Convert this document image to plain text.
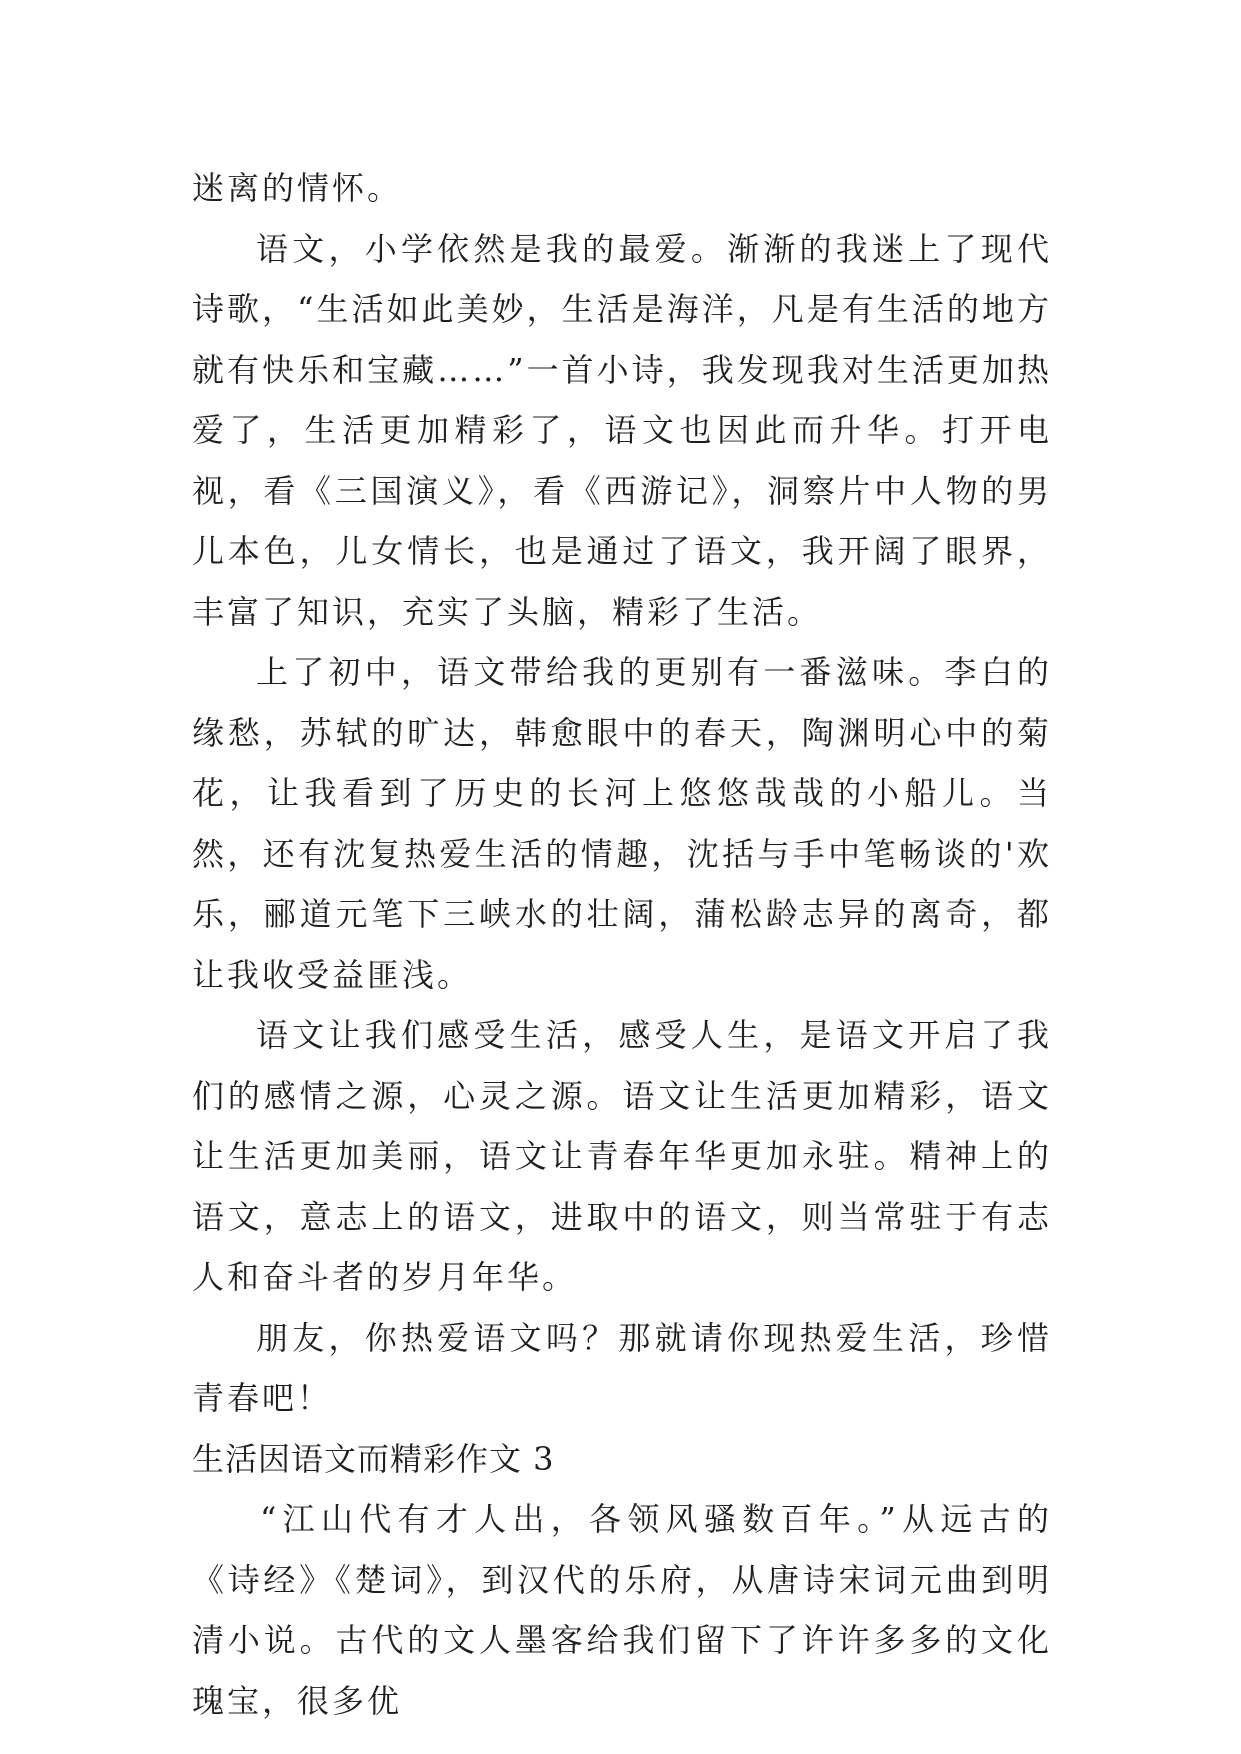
迷离的情怀。

语文，小学依然是我的最爱。渐渐的我迷上了现代诗歌，“生活如此美妙，生活是海洋，凡是有生活的地方就有快乐和宝藏……”一首小诗，我发现我对生活更加热爱了，生活更加精彩了，语文也因此而升华。打开电视，看《三国演义》，看《西游记》，洞察片中人物的男儿本色，儿女情长，也是通过了语文，我开阔了眼界，丰富了知识，充实了头脑，精彩了生活。

上了初中，语文带给我的更别有一番滋味。李白的缘愁，苏轼的旷达，韩愈眼中的春天，陶渊明心中的菊花，让我看到了历史的长河上悠悠哉哉的小船儿。当然，还有沈复热爱生活的情趣，沈括与手中笔畅谈的'欢乐，郦道元笔下三峡水的壮阔，蒲松龄志异的离奇，都让我收受益匪浅。

语文让我们感受生活，感受人生，是语文开启了我们的感情之源，心灵之源。语文让生活更加精彩，语文让生活更加美丽，语文让青春年华更加永驻。精神上的语文，意志上的语文，进取中的语文，则当常驻于有志人和奋斗者的岁月年华。

朋友，你热爱语文吗？那就请你现热爱生活，珍惜青春吧！

生活因语文而精彩作文 3

“江山代有才人出，各领风骚数百年。”从远古的《诗经》《楚词》，到汉代的乐府，从唐诗宋词元曲到明清小说。古代的文人墨客给我们留下了许许多多的文化瑰宝，很多优
